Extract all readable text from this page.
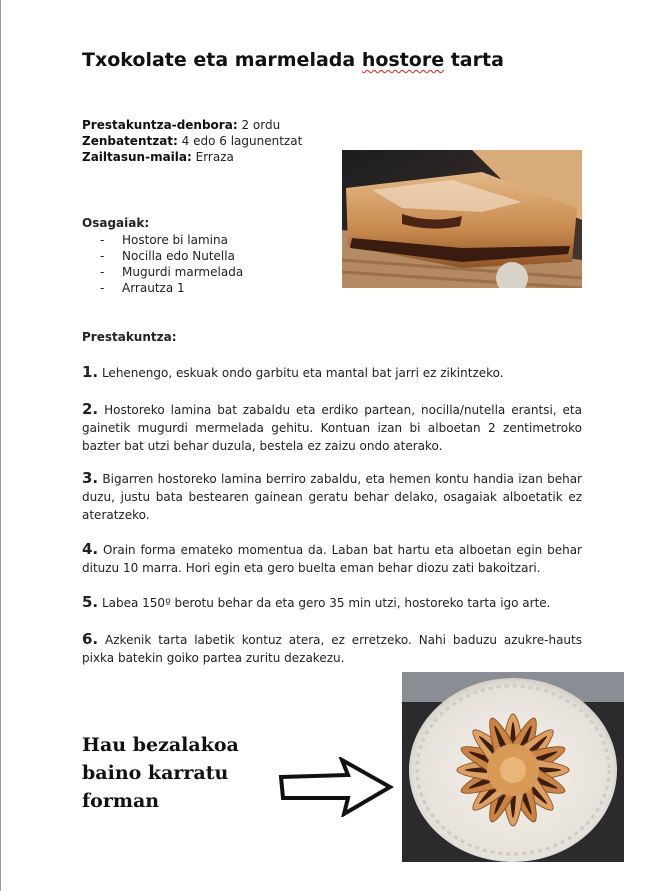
Txokolate eta marmelada hostore tarta
Prestakuntza-denbora: 2 ordu
Zenbatentzat: 4 edo 6 lagunentzat
Zailtasun-maila: Erraza
Osagaiak:
- Hostore bi lamina
- Nocilla edo Nutella
- Mugurdi marmelada
- Arrautza 1
Prestakuntza:

1. Lehenengo, eskuak ondo garbitu eta mantal bat jarri ez zikintzeko.

2. Hostoreko lamina bat zabaldu eta erdiko partean, nocilla/nutella erantsi, eta gainetik mugurdi mermelada gehitu. Kontuan izan bi alboetan 2 zentimetroko bazter bat utzi behar duzula, bestela ez zaizu ondo aterako.

3. Bigarren hostoreko lamina berriro zabaldu, eta hemen kontu handia izan behar duzu, justu bata bestearen gainean geratu behar delako, osagaiak alboetatik ez ateratzeko.

4. Orain forma emateko momentua da. Laban bat hartu eta alboetan egin behar dituzu 10 marra. Hori egin eta gero buelta eman behar diozu zati bakoitzari.

5. Labea 150º berotu behar da eta gero 35 min utzi, hostoreko tarta igo arte.

6. Azkenik tarta labetik kontuz atera, ez erretzeko. Nahi baduzu azukre-hauts pixka batekin goiko partea zuritu dezakezu.

Hau bezalakoa
baino karratu
forman
